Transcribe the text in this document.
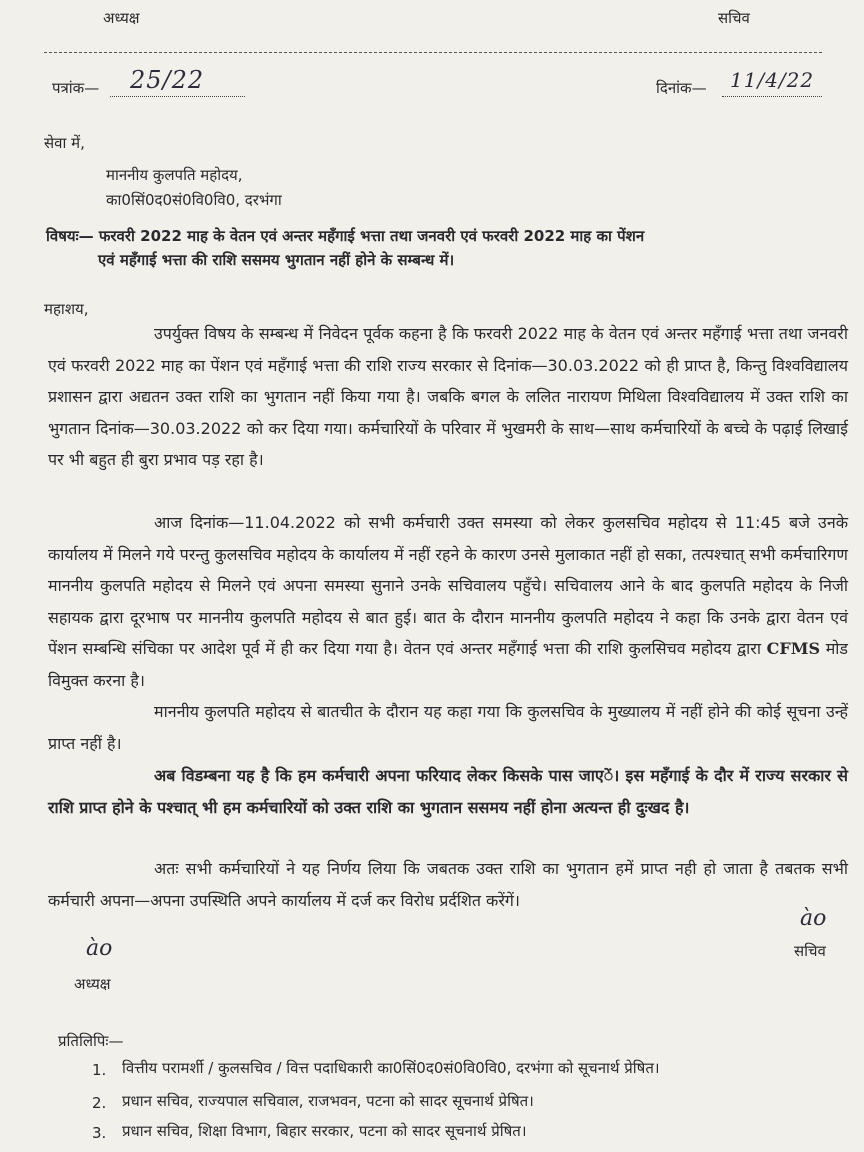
अध्यक्ष	सचिव
पत्रांक— 25/22	दिनांक— 11/4/22
सेवा में,
माननीय कुलपति महोदय,
का0सिं0द0सं0वि0वि0, दरभंगा
विषयः— फरवरी 2022 माह के वेतन एवं अन्तर महँगाई भत्ता तथा जनवरी एवं फरवरी 2022 माह का पेंशन
एवं महँगाई भत्ता की राशि ससमय भुगतान नहीं होने के सम्बन्ध में।
महाशय,
उपर्युक्त विषय के सम्बन्ध में निवेदन पूर्वक कहना है कि फरवरी 2022 माह के वेतन एवं अन्तर महँगाई भत्ता तथा जनवरी एवं फरवरी 2022 माह का पेंशन एवं महँगाई भत्ता की राशि राज्य सरकार से दिनांक—30.03.2022 को ही प्राप्त है, किन्तु विश्वविद्यालय प्रशासन द्वारा अद्यतन उक्त राशि का भुगतान नहीं किया गया है। जबकि बगल के ललित नारायण मिथिला विश्वविद्यालय में उक्त राशि का भुगतान दिनांक—30.03.2022 को कर दिया गया। कर्मचारियों के परिवार में भुखमरी के साथ—साथ कर्मचारियों के बच्चे के पढ़ाई लिखाई पर भी बहुत ही बुरा प्रभाव पड़ रहा है।
आज दिनांक—11.04.2022 को सभी कर्मचारी उक्त समस्या को लेकर कुलसचिव महोदय से 11:45 बजे उनके कार्यालय में मिलने गये परन्तु कुलसचिव महोदय के कार्यालय में नहीं रहने के कारण उनसे मुलाकात नहीं हो सका, तत्पश्चात् सभी कर्मचारिगण माननीय कुलपति महोदय से मिलने एवं अपना समस्या सुनाने उनके सचिवालय पहुँचे। सचिवालय आने के बाद कुलपति महोदय के निजी सहायक द्वारा दूरभाष पर माननीय कुलपति महोदय से बात हुई। बात के दौरान माननीय कुलपति महोदय ने कहा कि उनके द्वारा वेतन एवं पेंशन सम्बन्धि संचिका पर आदेश पूर्व में ही कर दिया गया है। वेतन एवं अन्तर महँगाई भत्ता की राशि कुलसिचव महोदय द्वारा CFMS मोड विमुक्त करना है।
माननीय कुलपति महोदय से बातचीत के दौरान यह कहा गया कि कुलसचिव के मुख्यालय में नहीं होने की कोई सूचना उन्हें प्राप्त नहीं है।
अब विडम्बना यह है कि हम कर्मचारी अपना फरियाद लेकर किसके पास जाएें। इस महँगाई के दौर में राज्य सरकार से राशि प्राप्त होने के पश्चात् भी हम कर्मचारियों को उक्त राशि का भुगतान ससमय नहीं होना अत्यन्त ही दुःखद है।
अतः सभी कर्मचारियों ने यह निर्णय लिया कि जबतक उक्त राशि का भुगतान हमें प्राप्त नही हो जाता है तबतक सभी कर्मचारी अपना—अपना उपस्थिति अपने कार्यालय में दर्ज कर विरोध प्रर्दशित करेंगें।
ào
अध्यक्ष
ào
सचिव
प्रतिलिपिः—
1. वित्तीय परामर्शी / कुलसचिव / वित्त पदाधिकारी का0सिं0द0सं0वि0वि0, दरभंगा को सूचनार्थ प्रेषित।
2. प्रधान सचिव, राज्यपाल सचिवाल, राजभवन, पटना को सादर सूचनार्थ प्रेषित।
3. प्रधान सचिव, शिक्षा विभाग, बिहार सरकार, पटना को सादर सूचनार्थ प्रेषित।
